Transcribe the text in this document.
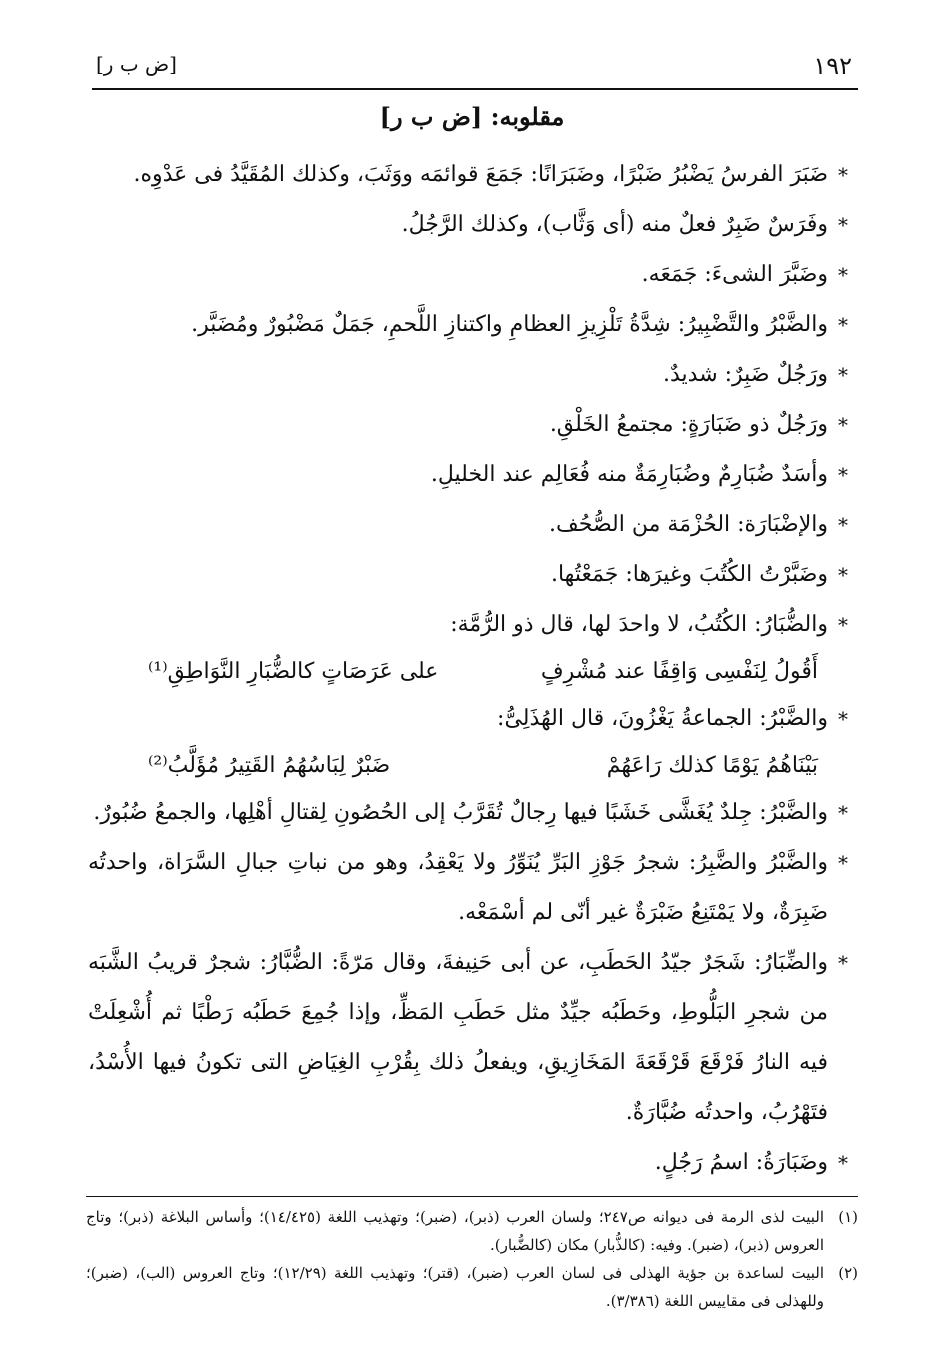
١٩٢
[ض ب ر]
مقلوبه: [ض ب ر]
*
ضَبَرَ الفرسُ يَضْبُرُ ضَبْرًا، وضَبَرَانًا: جَمَعَ قوائمَه ووَثَبَ، وكذلك المُقَيَّدُ فى عَدْوِه.
*
وفَرَسٌ ضَبِرٌ فعلٌ منه (أى وَثَّاب)، وكذلك الرَّجُلُ.
*
وضَبَّرَ الشىءَ: جَمَعَه.
*
والضَّبْرُ والتَّضْبِيرُ: شِدَّةُ تَلْزِيزِ العظامِ واكتنازِ اللَّحمِ، جَمَلٌ مَضْبُورٌ ومُضَبَّر.
*
ورَجُلٌ ضَبِرٌ: شديدٌ.
*
ورَجُلٌ ذو ضَبَارَةٍ: مجتمعُ الخَلْقِ.
*
وأسَدٌ ضُبَارِمٌ وضُبَارِمَةٌ منه فُعَالِم عند الخليلِ.
*
والإضْبَارَة: الحُزْمَة من الصُّحُف.
*
وضَبَّرْتُ الكُتُبَ وغيرَها: جَمَعْتُها.
*
والضُّبَارُ: الكُتُبُ، لا واحدَ لها، قال ذو الرُّمَّة:
أَقُولُ لِنَفْسِى وَاقِفًا عند مُشْرِفٍ
على عَرَصَاتٍ كالضُّبَارِ النَّوَاطِقِ⁽¹⁾
*
والضَّبْرُ: الجماعةُ يَغْزُونَ، قال الهُذَلِىُّ:
بَيْنَاهُمُ يَوْمًا كذلك رَاعَهُمْ
ضَبْرٌ لِبَاسُهُمُ القَتِيرُ مُؤَلَّبُ⁽²⁾
*
والضَّبْرُ: جِلدٌ يُغَشَّى خَشَبًا فيها رِجالٌ تُقَرَّبُ إلى الحُصُونِ لِقتالِ أهْلِها، والجمعُ ضُبُورٌ.
*
والضَّبْرُ والضَّبِرُ: شجرُ جَوْزِ البَرِّ يُنَوِّرُ ولا يَعْقِدُ، وهو من نباتِ جبالِ السَّرَاة، واحدتُه ضَبِرَةٌ، ولا يَمْتَنِعُ ضَبْرَةٌ غير أنّى لم أسْمَعْه.
*
والضِّبَارُ: شَجَرٌ جيّدُ الحَطَبِ، عن أبى حَنِيفةَ، وقال مَرّةً: الضُّبَّارُ: شجرٌ قريبُ الشَّبَه من شجرِ البَلُّوطِ، وحَطَبُه جيِّدٌ مثل حَطَبِ المَظِّ، وإذا جُمِعَ حَطَبُه رَطْبًا ثم أُشْعِلَتْ فيه النارُ فَرْقَعَ قَرْقَعَةَ المَخَازِيقِ، ويفعلُ ذلك بِقُرْبِ الغِيَاضِ التى تكونُ فيها الأُسْدُ، فتَهْرُبُ، واحدتُه ضُبَّارَةٌ.
*
وضَبَارَةُ: اسمُ رَجُلٍ.
(١)
البيت لذى الرمة فى ديوانه ص٢٤٧؛ ولسان العرب (ذبر)، (ضبر)؛ وتهذيب اللغة (١٤/٤٢٥)؛ وأساس البلاغة (ذبر)؛ وتاج العروس (ذبر)، (ضبر). وفيه: (كالذُّبار) مكان (كالضُّبار).
(٢)
البيت لساعدة بن جؤية الهذلى فى لسان العرب (ضبر)، (قتر)؛ وتهذيب اللغة (١٢/٢٩)؛ وتاج العروس (الب)، (ضبر)؛ وللهذلى فى مقاييس اللغة (٣/٣٨٦).
